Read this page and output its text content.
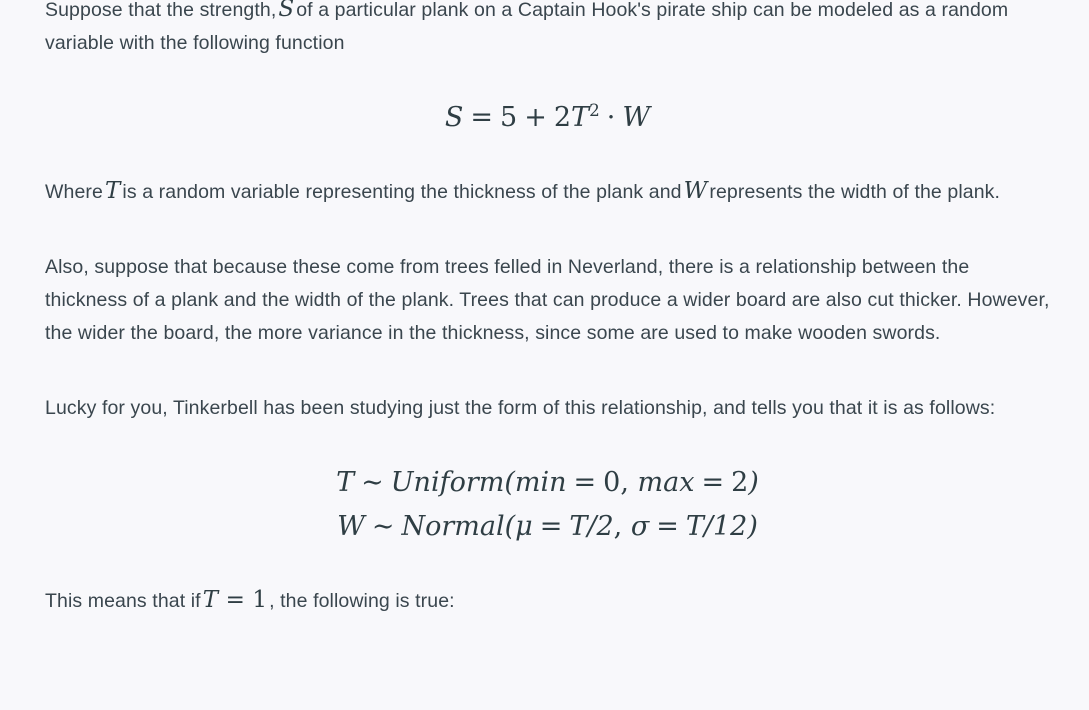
Suppose that the strength,S of a particular plank on a Captain Hook's pirate ship can be modeled as a random variable with the following function

$S = 5 + 2T^2 \cdot W$

WhereT is a random variable representing the thickness of the plank andW represents the width of the plank.

Also, suppose that because these come from trees felled in Neverland, there is a relationship between the thickness of a plank and the width of the plank. Trees that can produce a wider board are also cut thicker. However, the wider the board, the more variance in the thickness, since some are used to make wooden swords.

Lucky for you, Tinkerbell has been studying just the form of this relationship, and tells you that it is as follows:

T ∼ Uniform(min = 0, max = 2)
W ∼ Normal(μ = T/2, σ = T/12)

This means that ifT = 1 , the following is true:
